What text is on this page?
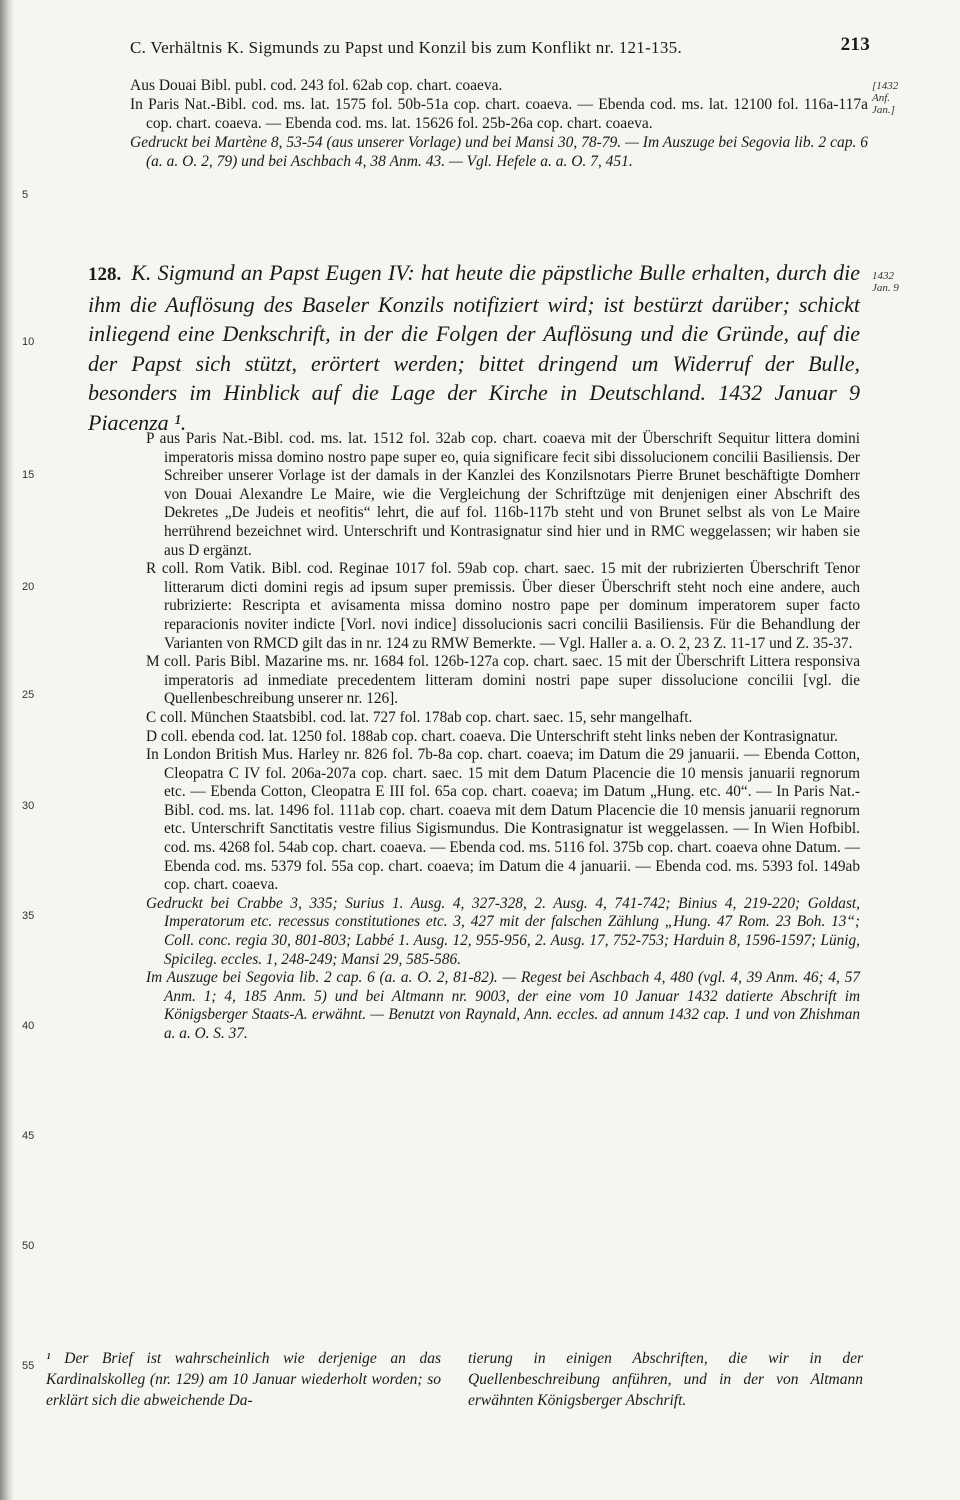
C. Verhältnis K. Sigmunds zu Papst und Konzil bis zum Konflikt nr. 121-135.	213
[1432 Anf. Jan.]
1432 Jan. 9
5
10
15
20
25
30
35
40
45
50
55

Aus Douai Bibl. publ. cod. 243 fol. 62ab cop. chart. coaeva.

In Paris Nat.-Bibl. cod. ms. lat. 1575 fol. 50b-51a cop. chart. coaeva. — Ebenda cod. ms. lat. 12100 fol. 116a-117a cop. chart. coaeva. — Ebenda cod. ms. lat. 15626 fol. 25b-26a cop. chart. coaeva.

Gedruckt bei Martène 8, 53-54 (aus unserer Vorlage) und bei Mansi 30, 78-79. — Im Auszuge bei Segovia lib. 2 cap. 6 (a. a. O. 2, 79) und bei Aschbach 4, 38 Anm. 43. — Vgl. Hefele a. a. O. 7, 451.

128. K. Sigmund an Papst Eugen IV: hat heute die päpstliche Bulle erhalten, durch die ihm die Auflösung des Baseler Konzils notifiziert wird; ist bestürzt darüber; schickt inliegend eine Denkschrift, in der die Folgen der Auflösung und die Gründe, auf die der Papst sich stützt, erörtert werden; bittet dringend um Widerruf der Bulle, besonders im Hinblick auf die Lage der Kirche in Deutschland. 1432 Januar 9 Piacenza ¹.

P aus Paris Nat.-Bibl. cod. ms. lat. 1512 fol. 32ab cop. chart. coaeva mit der Überschrift Sequitur littera domini imperatoris missa domino nostro pape super eo, quia significare fecit sibi dissolucionem concilii Basiliensis. Der Schreiber unserer Vorlage ist der damals in der Kanzlei des Konzilsnotars Pierre Brunet beschäftigte Domherr von Douai Alexandre Le Maire, wie die Vergleichung der Schriftzüge mit denjenigen einer Abschrift des Dekretes „De Judeis et neofitis“ lehrt, die auf fol. 116b-117b steht und von Brunet selbst als von Le Maire herrührend bezeichnet wird. Unterschrift und Kontrasignatur sind hier und in RMC weggelassen; wir haben sie aus D ergänzt.

R coll. Rom Vatik. Bibl. cod. Reginae 1017 fol. 59ab cop. chart. saec. 15 mit der rubrizierten Überschrift Tenor litterarum dicti domini regis ad ipsum super premissis. Über dieser Überschrift steht noch eine andere, auch rubrizierte: Rescripta et avisamenta missa domino nostro pape per dominum imperatorem super facto reparacionis noviter indicte [Vorl. novi indice] dissolucionis sacri concilii Basiliensis. Für die Behandlung der Varianten von RMCD gilt das in nr. 124 zu RMW Bemerkte. — Vgl. Haller a. a. O. 2, 23 Z. 11-17 und Z. 35-37.

M coll. Paris Bibl. Mazarine ms. nr. 1684 fol. 126b-127a cop. chart. saec. 15 mit der Überschrift Littera responsiva imperatoris ad inmediate precedentem litteram domini nostri pape super dissolucione concilii [vgl. die Quellenbeschreibung unserer nr. 126].

C coll. München Staatsbibl. cod. lat. 727 fol. 178ab cop. chart. saec. 15, sehr mangelhaft.

D coll. ebenda cod. lat. 1250 fol. 188ab cop. chart. coaeva. Die Unterschrift steht links neben der Kontrasignatur.

In London British Mus. Harley nr. 826 fol. 7b-8a cop. chart. coaeva; im Datum die 29 januarii. — Ebenda Cotton, Cleopatra C IV fol. 206a-207a cop. chart. saec. 15 mit dem Datum Placencie die 10 mensis januarii regnorum etc. — Ebenda Cotton, Cleopatra E III fol. 65a cop. chart. coaeva; im Datum „Hung. etc. 40“. — In Paris Nat.-Bibl. cod. ms. lat. 1496 fol. 111ab cop. chart. coaeva mit dem Datum Placencie die 10 mensis januarii regnorum etc. Unterschrift Sanctitatis vestre filius Sigismundus. Die Kontrasignatur ist weggelassen. — In Wien Hofbibl. cod. ms. 4268 fol. 54ab cop. chart. coaeva. — Ebenda cod. ms. 5116 fol. 375b cop. chart. coaeva ohne Datum. — Ebenda cod. ms. 5379 fol. 55a cop. chart. coaeva; im Datum die 4 januarii. — Ebenda cod. ms. 5393 fol. 149ab cop. chart. coaeva.

Gedruckt bei Crabbe 3, 335; Surius 1. Ausg. 4, 327-328, 2. Ausg. 4, 741-742; Binius 4, 219-220; Goldast, Imperatorum etc. recessus constitutiones etc. 3, 427 mit der falschen Zählung „Hung. 47 Rom. 23 Boh. 13“; Coll. conc. regia 30, 801-803; Labbé 1. Ausg. 12, 955-956, 2. Ausg. 17, 752-753; Harduin 8, 1596-1597; Lünig, Spicileg. eccles. 1, 248-249; Mansi 29, 585-586.

Im Auszuge bei Segovia lib. 2 cap. 6 (a. a. O. 2, 81-82). — Regest bei Aschbach 4, 480 (vgl. 4, 39 Anm. 46; 4, 57 Anm. 1; 4, 185 Anm. 5) und bei Altmann nr. 9003, der eine vom 10 Januar 1432 datierte Abschrift im Königsberger Staats-A. erwähnt. — Benutzt von Raynald, Ann. eccles. ad annum 1432 cap. 1 und von Zhishman a. a. O. S. 37.

¹ Der Brief ist wahrscheinlich wie derjenige an das Kardinalskolleg (nr. 129) am 10 Januar wiederholt worden; so erklärt sich die abweichende Da-
tierung in einigen Abschriften, die wir in der Quellenbeschreibung anführen, und in der von Altmann erwähnten Königsberger Abschrift.
